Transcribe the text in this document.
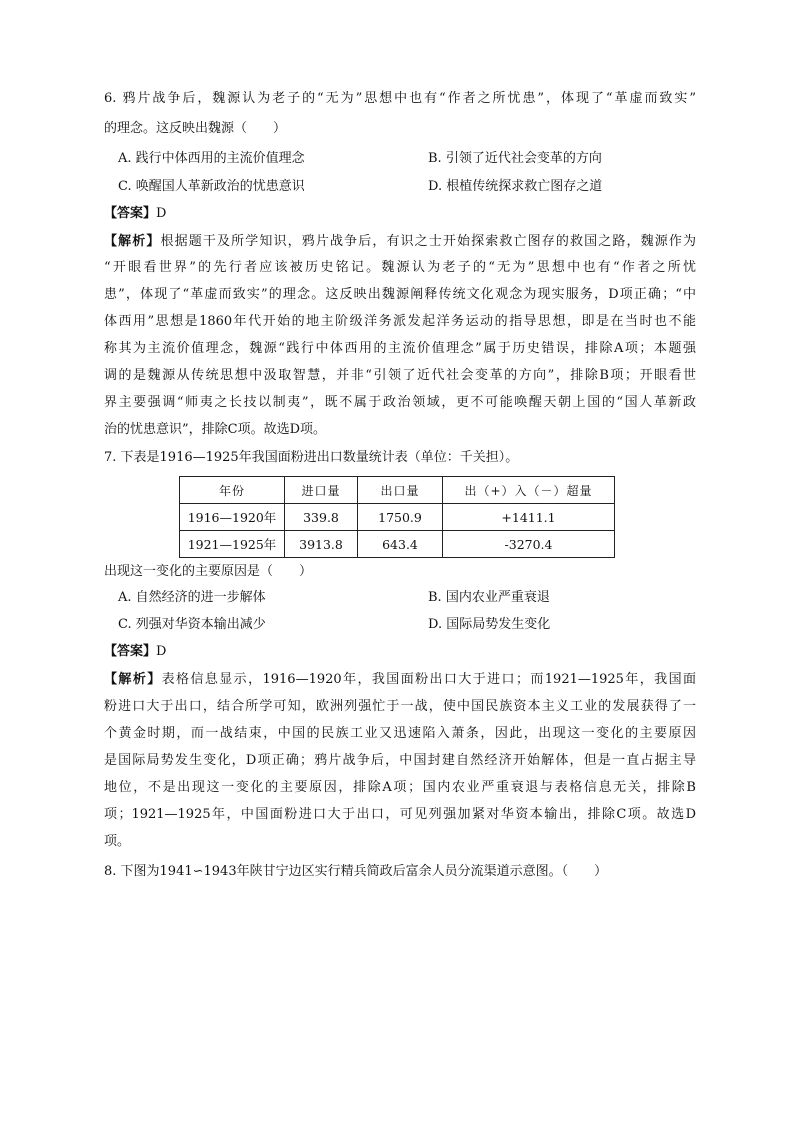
6. 鸦片战争后，魏源认为老子的“无为”思想中也有“作者之所忧患”，体现了“革虚而致实”
的理念。这反映出魏源（　　）
A. 践行中体西用的主流价值理念	B. 引领了近代社会变革的方向
C. 唤醒国人革新政治的忧患意识	D. 根植传统探求救亡图存之道
【答案】D
【解析】根据题干及所学知识，鸦片战争后，有识之士开始探索救亡图存的救国之路，魏源作为
“开眼看世界”的先行者应该被历史铭记。魏源认为老子的“无为”思想中也有“作者之所忧
患”，体现了“革虚而致实”的理念。这反映出魏源阐释传统文化观念为现实服务，D项正确；“中
体西用”思想是1860年代开始的地主阶级洋务派发起洋务运动的指导思想，即是在当时也不能
称其为主流价值理念，魏源“践行中体西用的主流价值理念”属于历史错误，排除A项；本题强
调的是魏源从传统思想中汲取智慧，并非“引领了近代社会变革的方向”，排除B项；开眼看世
界主要强调“师夷之长技以制夷”，既不属于政治领域，更不可能唤醒天朝上国的“国人革新政
治的忧患意识”，排除C项。故选D项。
7. 下表是1916—1925年我国面粉进出口数量统计表（单位：千关担）。
年份	进口量	出口量	出（+）入（－）超量
1916—1920年	339.8	1750.9	+1411.1
1921—1925年	3913.8	643.4	-3270.4
出现这一变化的主要原因是（　　）
A. 自然经济的进一步解体	B. 国内农业严重衰退
C. 列强对华资本输出减少	D. 国际局势发生变化
【答案】D
【解析】表格信息显示，1916—1920年，我国面粉出口大于进口；而1921—1925年，我国面
粉进口大于出口，结合所学可知，欧洲列强忙于一战，使中国民族资本主义工业的发展获得了一
个黄金时期，而一战结束，中国的民族工业又迅速陷入萧条，因此，出现这一变化的主要原因
是国际局势发生变化，D项正确；鸦片战争后，中国封建自然经济开始解体，但是一直占据主导
地位，不是出现这一变化的主要原因，排除A项；国内农业严重衰退与表格信息无关，排除B
项；1921—1925年，中国面粉进口大于出口，可见列强加紧对华资本输出，排除C项。故选D
项。
8. 下图为1941∽1943年陕甘宁边区实行精兵简政后富余人员分流渠道示意图。（　　）
